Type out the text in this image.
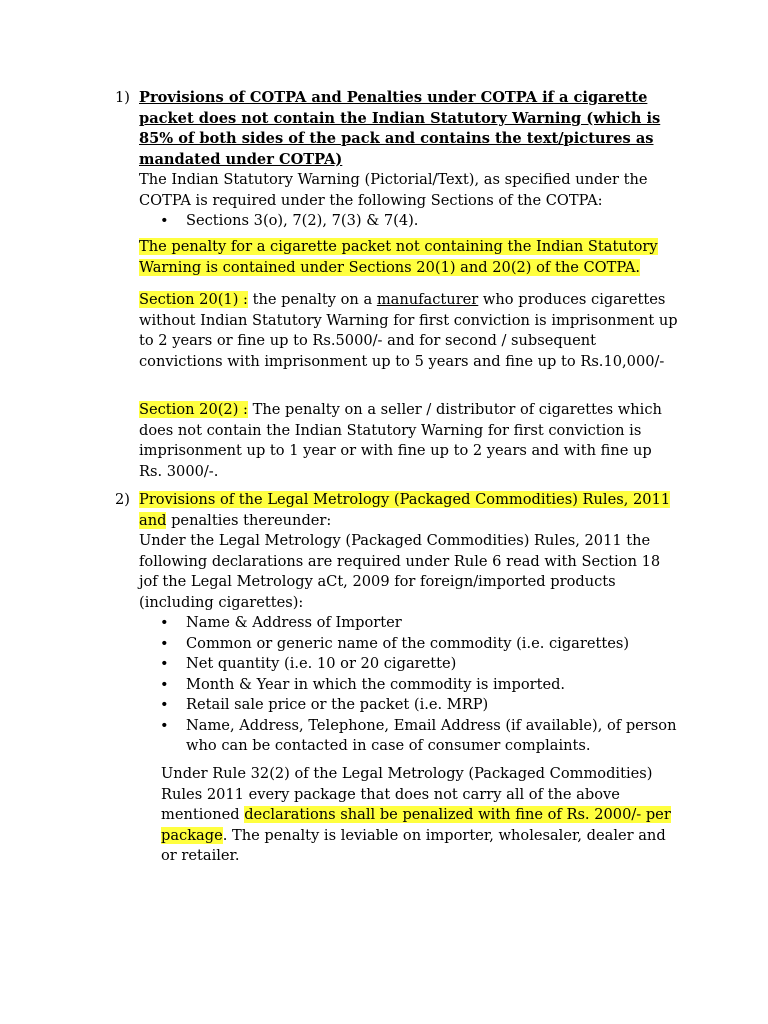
1) Provisions of COTPA and Penalties under COTPA if a cigarette packet does not contain the Indian Statutory Warning (which is 85% of both sides of the pack and contains the text/pictures as mandated under COTPA)

The Indian Statutory Warning (Pictorial/Text), as specified under the COTPA is required under the following Sections of the COTPA:

• Sections 3(o), 7(2), 7(3) & 7(4).

The penalty for a cigarette packet not containing the Indian Statutory Warning is contained under Sections 20(1) and 20(2) of the COTPA.

Section 20(1) : the penalty on a manufacturer who produces cigarettes without Indian Statutory Warning for first conviction is imprisonment up to 2 years or fine up to Rs.5000/- and for second / subsequent convictions with imprisonment up to 5 years and fine up to Rs.10,000/-

Section 20(2) : The penalty on a seller / distributor of cigarettes which does not contain the Indian Statutory Warning for first conviction is imprisonment up to 1 year or with fine up to 2 years and with fine up Rs. 3000/-.

2) Provisions of the Legal Metrology (Packaged Commodities) Rules, 2011 and penalties thereunder:

Under the Legal Metrology (Packaged Commodities) Rules, 2011 the following declarations are required under Rule 6 read with Section 18 jof the Legal Metrology aCt, 2009 for foreign/imported products (including cigarettes):

• Name & Address of Importer
• Common or generic name of the commodity (i.e. cigarettes)
• Net quantity (i.e. 10 or 20 cigarette)
• Month & Year in which the commodity is imported.
• Retail sale price or the packet (i.e. MRP)
• Name, Address, Telephone, Email Address (if available), of person who can be contacted in case of consumer complaints.

Under Rule 32(2) of the Legal Metrology (Packaged Commodities) Rules 2011 every package that does not carry all of the above mentioned declarations shall be penalized with fine of Rs. 2000/- per package. The penalty is leviable on importer, wholesaler, dealer and or retailer.
